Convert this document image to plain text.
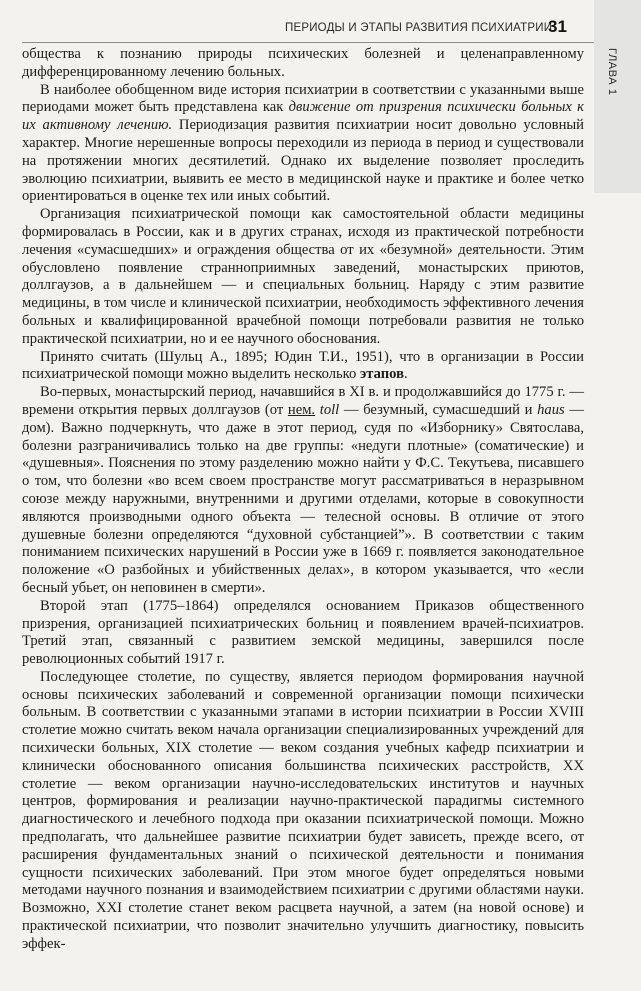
ПЕРИОДЫ И ЭТАПЫ РАЗВИТИЯ ПСИХИАТРИИ
31
ГЛАВА 1

общества к познанию природы психических болезней и целенаправленному дифференцированному лечению больных.

В наиболее обобщенном виде история психиатрии в соответствии с указанными выше периодами может быть представлена как движение от призрения психически больных к их активному лечению. Периодизация развития психиатрии носит довольно условный характер. Многие нерешенные вопросы переходили из периода в период и существовали на протяжении многих десятилетий. Однако их выделение позволяет проследить эволюцию психиатрии, выявить ее место в медицинской науке и практике и более четко ориентироваться в оценке тех или иных событий.

Организация психиатрической помощи как самостоятельной области медицины формировалась в России, как и в других странах, исходя из практической потребности лечения «сумасшедших» и ограждения общества от их «безумной» деятельности. Этим обусловлено появление странноприимных заведений, монастырских приютов, доллгаузов, а в дальнейшем — и специальных больниц. Наряду с этим развитие медицины, в том числе и клинической психиатрии, необходимость эффективного лечения больных и квалифицированной врачебной помощи потребовали развития не только практической психиатрии, но и ее научного обоснования.

Принято считать (Шульц А., 1895; Юдин Т.И., 1951), что в организации в России психиатрической помощи можно выделить несколько этапов.

Во-первых, монастырский период, начавшийся в XI в. и продолжавшийся до 1775 г. — времени открытия первых доллгаузов (от нем. toll — безумный, сумасшедший и haus — дом). Важно подчеркнуть, что даже в этот период, судя по «Изборнику» Святослава, болезни разграничивались только на две группы: «недуги плотные» (соматические) и «душевныя». Пояснения по этому разделению можно найти у Ф.С. Текутьева, писавшего о том, что болезни «во всем своем пространстве могут рассматриваться в неразрывном союзе между наружными, внутренними и другими отделами, которые в совокупности являются производными одного объекта — телесной основы. В отличие от этого душевные болезни определяются “духовной субстанцией”». В соответствии с таким пониманием психических нарушений в России уже в 1669 г. появляется законодательное положение «О разбойных и убийственных делах», в котором указывается, что «если бесный убьет, он неповинен в смерти».

Второй этап (1775–1864) определялся основанием Приказов общественного призрения, организацией психиатрических больниц и появлением врачей-психиатров. Третий этап, связанный с развитием земской медицины, завершился после революционных событий 1917 г.

Последующее столетие, по существу, является периодом формирования научной основы психических заболеваний и современной организации помощи психически больным. В соответствии с указанными этапами в истории психиатрии в России XVIII столетие можно считать веком начала организации специализированных учреждений для психически больных, XIX столетие — веком создания учебных кафедр психиатрии и клинически обоснованного описания большинства психических расстройств, XX столетие — веком организации научно-исследовательских институтов и научных центров, формирования и реализации научно-практической парадигмы системного диагностического и лечебного подхода при оказании психиатрической помощи. Можно предполагать, что дальнейшее развитие психиатрии будет зависеть, прежде всего, от расширения фундаментальных знаний о психической деятельности и понимания сущности психических заболеваний. При этом многое будет определяться новыми методами научного познания и взаимодействием психиатрии с другими областями науки. Возможно, XXI столетие станет веком расцвета научной, а затем (на новой основе) и практической психиатрии, что позволит значительно улучшить диагностику, повысить эффек-
